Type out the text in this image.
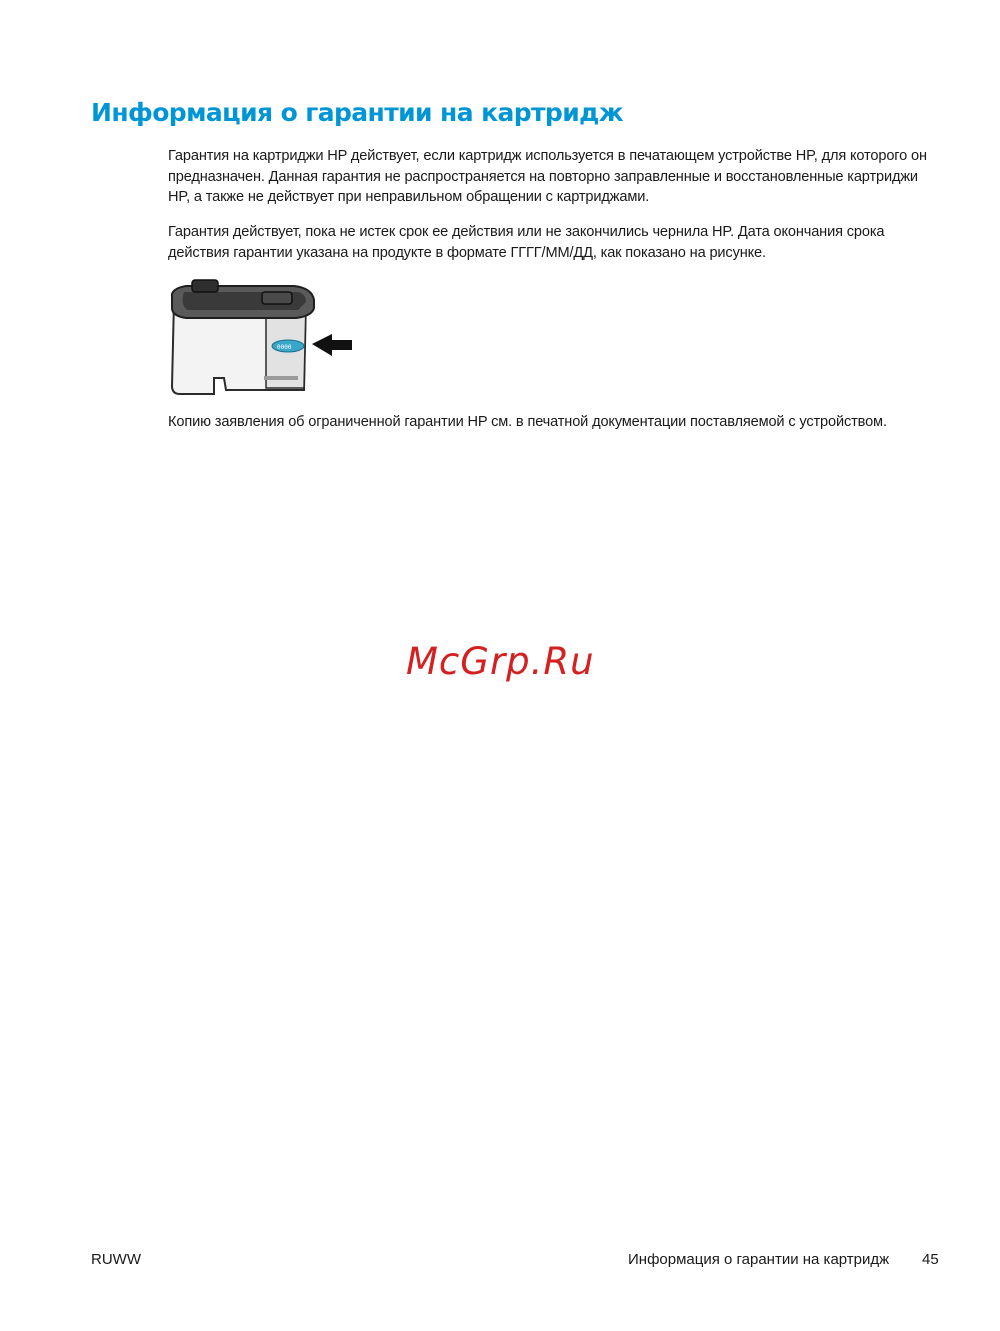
Информация о гарантии на картридж

Гарантия на картриджи HP действует, если картридж используется в печатающем устройстве HP, для которого он предназначен. Данная гарантия не распространяется на повторно заправленные и восстановленные картриджи HP, а также не действует при неправильном обращении с картриджами.

Гарантия действует, пока не истек срок ее действия или не закончились чернила HP. Дата окончания срока действия гарантии указана на продукте в формате ГГГГ/ММ/ДД, как показано на рисунке.

0000

Копию заявления об ограниченной гарантии HP см. в печатной документации поставляемой с устройством.

McGrp.Ru
RUWW	Информация о гарантии на картридж 45
